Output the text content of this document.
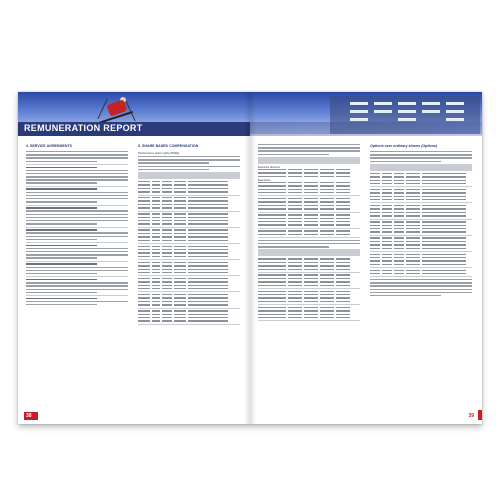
REMUNERATION REPORT
4. SERVICE AGREEMENTS	5. SHARE BASED COMPENSATION
Performance share rights (PSRs)
38
Executive directors
Executives
Options over ordinary shares (Options)
39
